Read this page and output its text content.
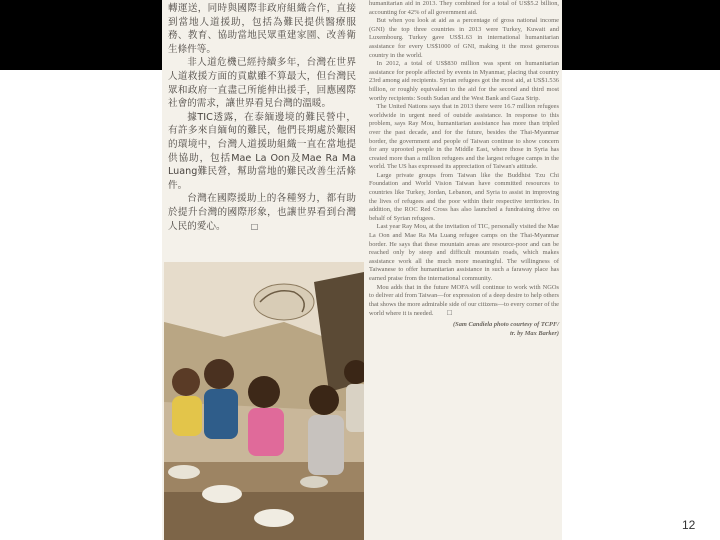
轉運送，同時與國際非政府組織合作，直接到當地人道援助，包括為難民提供醫療服務、教育、協助當地民眾重建家園、改善衛生條件等。

非人道危機已經持續多年，台灣在世界人道救援方面的貢獻雖不算最大，但台灣民眾和政府一直盡己所能伸出援手，回應國際社會的需求，讓世界看見台灣的溫暖。

據TIC透露，在泰緬邊境的難民營中，有許多來自緬甸的難民，他們長期處於艱困的環境中，台灣人道援助組織一直在當地提供協助，包括Mae La Oon及Mae Ra Ma Luang難民營，幫助當地的難民改善生活條件。

台灣在國際援助上的各種努力，都有助於提升台灣的國際形象，也讓世界看到台灣人民的愛心。	□

humanitarian aid in 2013. They combined for a total of US$5.2 billion, accounting for 42% of all government aid.

But when you look at aid as a percentage of gross national income (GNI) the top three countries in 2013 were Turkey, Kuwait and Luxembourg. Turkey gave US$1.63 in international humanitarian assistance for every US$1000 of GNI, making it the most generous country in the world.

In 2012, a total of US$830 million was spent on humanitarian assistance for people affected by events in Myanmar, placing that country 23rd among aid recipients. Syrian refugees got the most aid, at US$1.536 billion, or roughly equivalent to the aid for the second and third most worthy recipients: South Sudan and the West Bank and Gaza Strip.

The United Nations says that in 2013 there were 16.7 million refugees worldwide in urgent need of outside assistance. In response to this problem, says Ray Mou, humanitarian assistance has more than tripled over the past decade, and for the future, besides the Thai-Myanmar border, the government and people of Taiwan continue to show concern for any uprooted people in the Middle East, where those in Syria has created more than a million refugees and the largest refugee camps in the world. The US has expressed its appreciation of Taiwan's attitude.

Large private groups from Taiwan like the Buddhist Tzu Chi Foundation and World Vision Taiwan have committed resources to countries like Turkey, Jordan, Lebanon, and Syria to assist in improving the lives of refugees and the poor within their respective territories. In addition, the ROC Red Cross has also launched a fundraising drive on behalf of Syrian refugees.

Last year Ray Mou, at the invitation of TIC, personally visited the Mae La Oon and Mae Ra Ma Luang refugee camps on the Thai-Myanmar border. He says that these mountain areas are resource-poor and can be reached only by steep and difficult mountain roads, which makes assistance work all the much more meaningful. The willingness of Taiwanese to offer humanitarian assistance in such a faraway place has earned praise from the international community.

Mou adds that in the future MOFA will continue to work with NGOs to deliver aid from Taiwan—for expression of a deep desire to help others that shows the more admirable side of our citizens—to every corner of the world where it is needed. □

(Sam Candiela photo courtesy of TCPF/
tr. by Max Barker)
12
